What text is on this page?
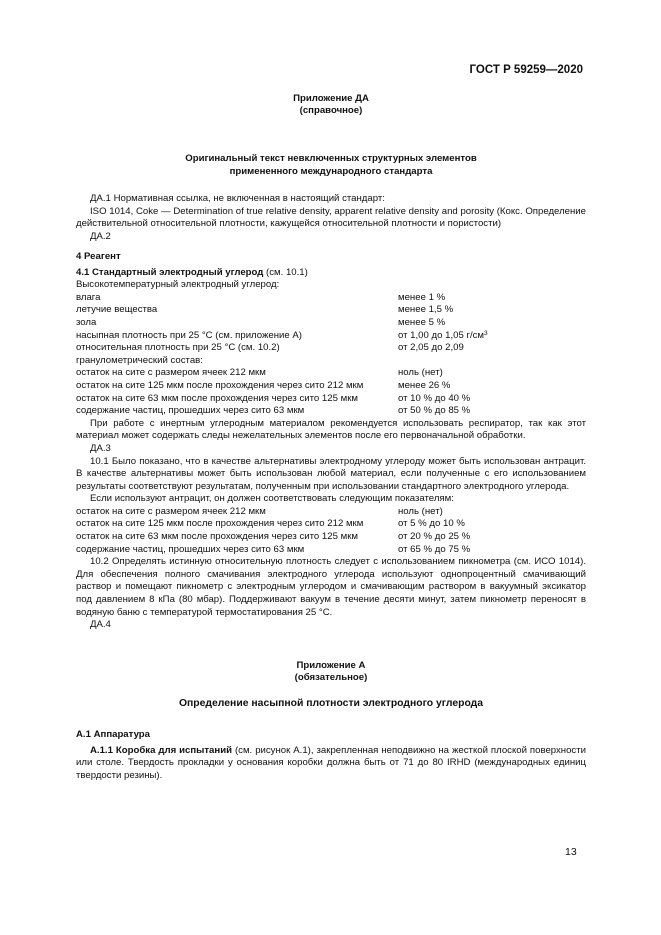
ГОСТ Р 59259—2020
Приложение ДА
(справочное)
Оригинальный текст невключенных структурных элементов
примененного международного стандарта

ДА.1 Нормативная ссылка, не включенная в настоящий стандарт:

ISO 1014, Coke — Determination of true relative density, apparent relative density and porosity (Кокс. Определение действительной относительной плотности, кажущейся относительной плотности и пористости)

ДА.2

4 Реагент

4.1 Стандартный электродный углерод (см. 10.1)

Высокотемпературный электродный углерод:

влага	менее 1 %
летучие вещества	менее 1,5 %
зола	менее 5 %
насыпная плотность при 25 °С (см. приложение А)	от 1,00 до 1,05 $г/см^3$
относительная плотность при 25 °С (см. 10.2)	от 2,05 до 2,09
гранулометрический состав:
остаток на сите с размером ячеек 212 мкм	ноль (нет)
остаток на сите 125 мкм после прохождения через сито 212 мкм	менее 26 %
остаток на сите 63 мкм после прохождения через сито 125 мкм	от 10 % до 40 %
содержание частиц, прошедших через сито 63 мкм	от 50 % до 85 %

При работе с инертным углеродным материалом рекомендуется использовать респиратор, так как этот материал может содержать следы нежелательных элементов после его первоначальной обработки.

ДА.3

10.1 Было показано, что в качестве альтернативы электродному углероду может быть использован антрацит. В качестве альтернативы может быть использован любой материал, если полученные с его использованием результаты соответствуют результатам, полученным при использовании стандартного электродного углерода.

Если используют антрацит, он должен соответствовать следующим показателям:

остаток на сите с размером ячеек 212 мкм	ноль (нет)
остаток на сите 125 мкм после прохождения через сито 212 мкм	от 5 % до 10 %
остаток на сите 63 мкм после прохождения через сито 125 мкм	от 20 % до 25 %
содержание частиц, прошедших через сито 63 мкм	от 65 % до 75 %

10.2 Определять истинную относительную плотность следует с использованием пикнометра (см. ИСО 1014). Для обеспечения полного смачивания электродного углерода используют однопроцентный смачивающий раствор и помещают пикнометр с электродным углеродом и смачивающим раствором в вакуумный эксикатор под давлением 8 кПа (80 мбар). Поддерживают вакуум в течение десяти минут, затем пикнометр переносят в водяную баню с температурой термостатирования 25 °С.

ДА.4

Приложение А
(обязательное)
Определение насыпной плотности электродного углерода

А.1 Аппаратура

А.1.1 Коробка для испытаний (см. рисунок А.1), закрепленная неподвижно на жесткой плоской поверхности или столе. Твердость прокладки у основания коробки должна быть от 71 до 80 IRHD (международных единиц твердости резины).

13
